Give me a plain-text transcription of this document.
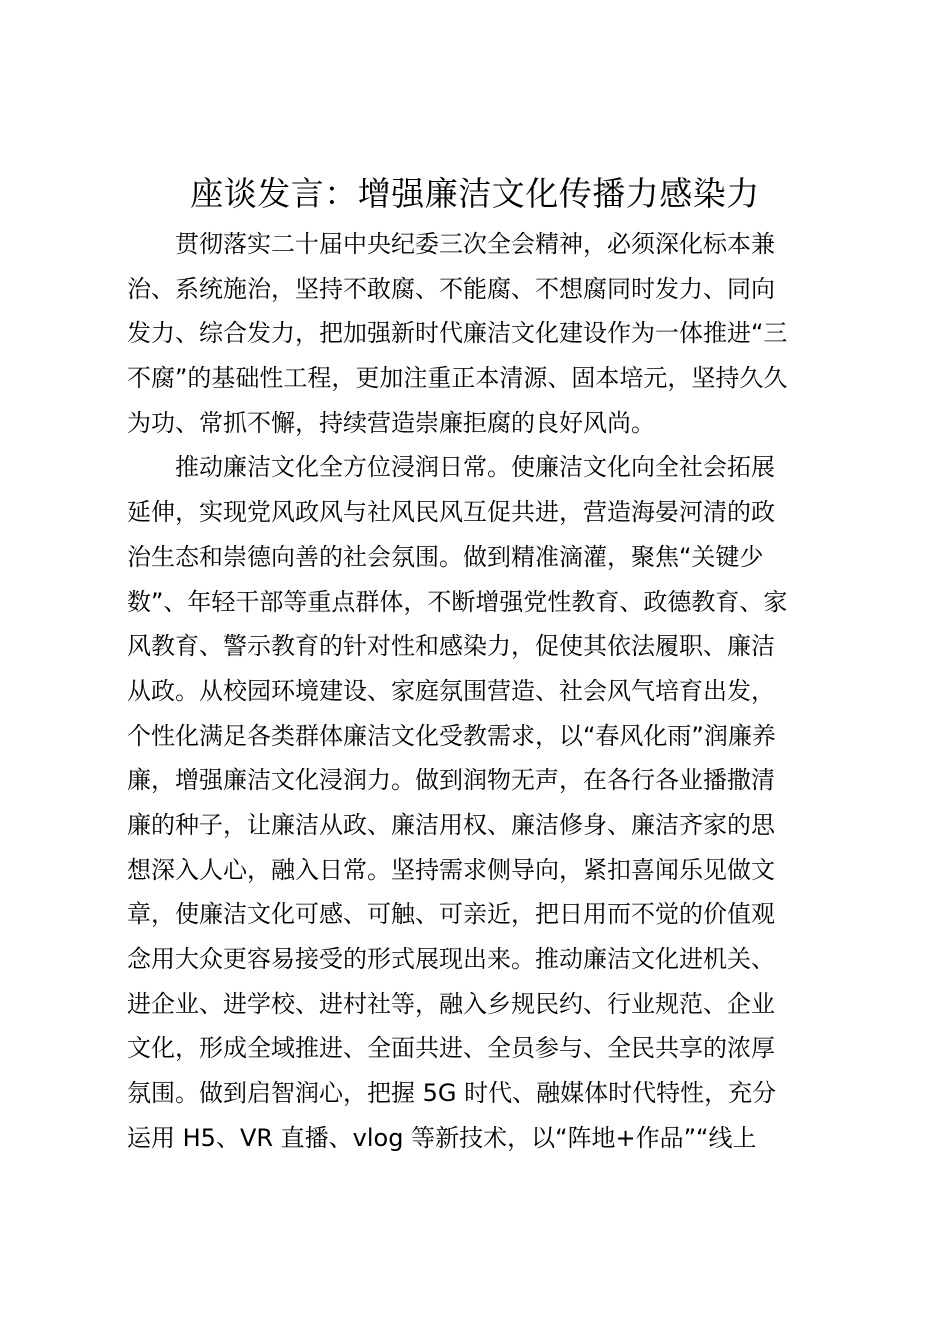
座谈发言：增强廉洁文化传播力感染力
贯彻落实二十届中央纪委三次全会精神，必须深化标本兼
治、系统施治，坚持不敢腐、不能腐、不想腐同时发力、同向
发力、综合发力，把加强新时代廉洁文化建设作为一体推进“三
不腐”的基础性工程，更加注重正本清源、固本培元，坚持久久
为功、常抓不懈，持续营造崇廉拒腐的良好风尚。
推动廉洁文化全方位浸润日常。使廉洁文化向全社会拓展
延伸，实现党风政风与社风民风互促共进，营造海晏河清的政
治生态和崇德向善的社会氛围。做到精准滴灌，聚焦“关键少
数”、年轻干部等重点群体，不断增强党性教育、政德教育、家
风教育、警示教育的针对性和感染力，促使其依法履职、廉洁
从政。从校园环境建设、家庭氛围营造、社会风气培育出发，
个性化满足各类群体廉洁文化受教需求，以“春风化雨”润廉养
廉，增强廉洁文化浸润力。做到润物无声，在各行各业播撒清
廉的种子，让廉洁从政、廉洁用权、廉洁修身、廉洁齐家的思
想深入人心，融入日常。坚持需求侧导向，紧扣喜闻乐见做文
章，使廉洁文化可感、可触、可亲近，把日用而不觉的价值观
念用大众更容易接受的形式展现出来。推动廉洁文化进机关、
进企业、进学校、进村社等，融入乡规民约、行业规范、企业
文化，形成全域推进、全面共进、全员参与、全民共享的浓厚
氛围。做到启智润心，把握 5G 时代、融媒体时代特性，充分
运用 H5、VR 直播、vlog 等新技术，以“阵地+作品”“线上
